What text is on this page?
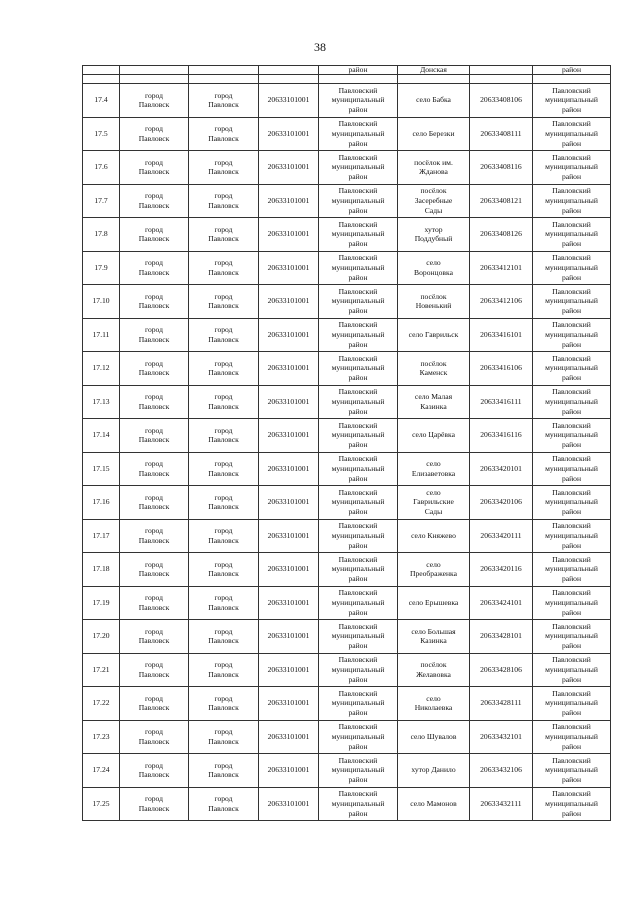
38
				район	Донская		район

17.4	город
Павловск	город
Павловск	20633101001	Павловский
муниципальный
район	село Бабка	20633408106	Павловский
муниципальный
район
17.5	город
Павловск	город
Павловск	20633101001	Павловский
муниципальный
район	село Березки	20633408111	Павловский
муниципальный
район
17.6	город
Павловск	город
Павловск	20633101001	Павловский
муниципальный
район	посёлок им.
Жданова	20633408116	Павловский
муниципальный
район
17.7	город
Павловск	город
Павловск	20633101001	Павловский
муниципальный
район	посёлок
Засеребные
Сады	20633408121	Павловский
муниципальный
район
17.8	город
Павловск	город
Павловск	20633101001	Павловский
муниципальный
район	хутор
Поддубный	20633408126	Павловский
муниципальный
район
17.9	город
Павловск	город
Павловск	20633101001	Павловский
муниципальный
район	село
Воронцовка	20633412101	Павловский
муниципальный
район
17.10	город
Павловск	город
Павловск	20633101001	Павловский
муниципальный
район	посёлок
Новенький	20633412106	Павловский
муниципальный
район
17.11	город
Павловск	город
Павловск	20633101001	Павловский
муниципальный
район	село Гаврильск	20633416101	Павловский
муниципальный
район
17.12	город
Павловск	город
Павловск	20633101001	Павловский
муниципальный
район	посёлок
Каменск	20633416106	Павловский
муниципальный
район
17.13	город
Павловск	город
Павловск	20633101001	Павловский
муниципальный
район	село Малая
Казинка	20633416111	Павловский
муниципальный
район
17.14	город
Павловск	город
Павловск	20633101001	Павловский
муниципальный
район	село Царёвка	20633416116	Павловский
муниципальный
район
17.15	город
Павловск	город
Павловск	20633101001	Павловский
муниципальный
район	село
Елизаветовка	20633420101	Павловский
муниципальный
район
17.16	город
Павловск	город
Павловск	20633101001	Павловский
муниципальный
район	село
Гаврильские
Сады	20633420106	Павловский
муниципальный
район
17.17	город
Павловск	город
Павловск	20633101001	Павловский
муниципальный
район	село Княжево	20633420111	Павловский
муниципальный
район
17.18	город
Павловск	город
Павловск	20633101001	Павловский
муниципальный
район	село
Преображенка	20633420116	Павловский
муниципальный
район
17.19	город
Павловск	город
Павловск	20633101001	Павловский
муниципальный
район	село Ерышевка	20633424101	Павловский
муниципальный
район
17.20	город
Павловск	город
Павловск	20633101001	Павловский
муниципальный
район	село Большая
Казинка	20633428101	Павловский
муниципальный
район
17.21	город
Павловск	город
Павловск	20633101001	Павловский
муниципальный
район	посёлок
Желавовка	20633428106	Павловский
муниципальный
район
17.22	город
Павловск	город
Павловск	20633101001	Павловский
муниципальный
район	село
Николаевка	20633428111	Павловский
муниципальный
район
17.23	город
Павловск	город
Павловск	20633101001	Павловский
муниципальный
район	село Шувалов	20633432101	Павловский
муниципальный
район
17.24	город
Павловск	город
Павловск	20633101001	Павловский
муниципальный
район	хутор Данило	20633432106	Павловский
муниципальный
район
17.25	город
Павловск	город
Павловск	20633101001	Павловский
муниципальный
район	село Мамонов	20633432111	Павловский
муниципальный
район
